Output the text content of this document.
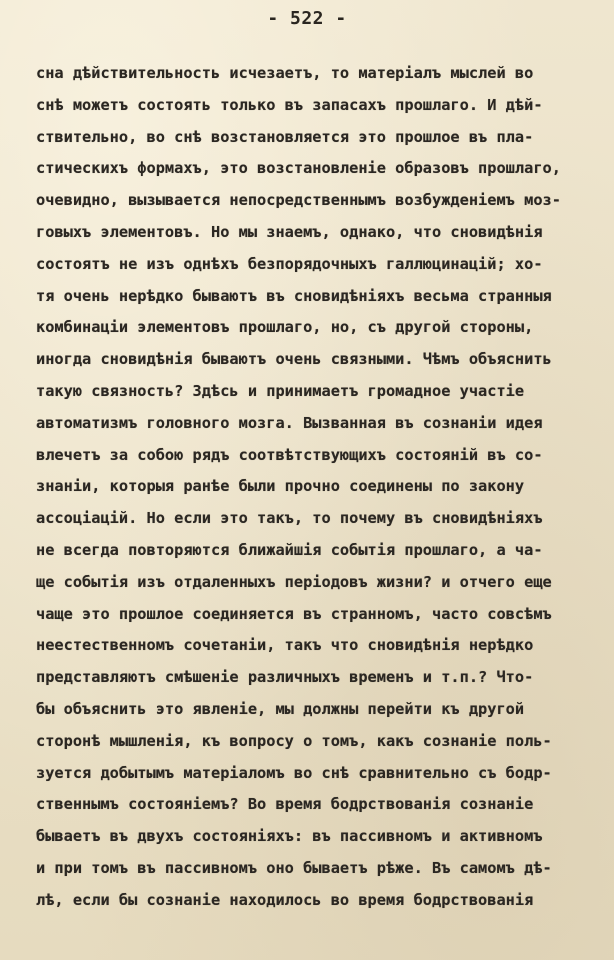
- 522 -
сна дѣйствительность исчезаетъ, то матеріалъ мыслей во
снѣ можетъ состоять только въ запасахъ прошлаго. И дѣй-
ствительно, во снѣ возстановляется это прошлое въ пла-
стическихъ формахъ, это возстановленіе образовъ прошлаго,
очевидно, вызывается непосредственнымъ возбужденіемъ моз-
говыхъ элементовъ. Но мы знаемъ, однако, что сновидѣнія
состоятъ не изъ однѣхъ безпорядочныхъ галлюцинацій; хо-
тя очень нерѣдко бываютъ въ сновидѣніяхъ весьма странныя
комбинаціи элементовъ прошлаго, но, съ другой стороны,
иногда сновидѣнія бываютъ очень связными. Чѣмъ объяснить
такую связность? Здѣсь и принимаетъ громадное участіе
автоматизмъ головного мозга. Вызванная въ сознаніи идея
влечетъ за собою рядъ соотвѣтствующихъ состояній въ со-
знаніи, которыя ранѣе были прочно соединены по закону
ассоціацій. Но если это такъ, то почему въ сновидѣніяхъ
не всегда повторяются ближайшія событія прошлаго, а ча-
ще событія изъ отдаленныхъ періодовъ жизни? и отчего еще
чаще это прошлое соединяется въ странномъ, часто совсѣмъ
неестественномъ сочетаніи, такъ что сновидѣнія нерѣдко
представляютъ смѣшеніе различныхъ временъ и т.п.? Что-
бы объяснить это явленіе, мы должны перейти къ другой
сторонѣ мышленія, къ вопросу о томъ, какъ сознаніе поль-
зуется добытымъ матеріаломъ во снѣ сравнительно съ бодр-
ственнымъ состояніемъ? Во время бодрствованія сознаніе
бываетъ въ двухъ состояніяхъ: въ пассивномъ и активномъ
и при томъ въ пассивномъ оно бываетъ рѣже. Въ самомъ дѣ-
лѣ, если бы сознаніе находилось во время бодрствованія
